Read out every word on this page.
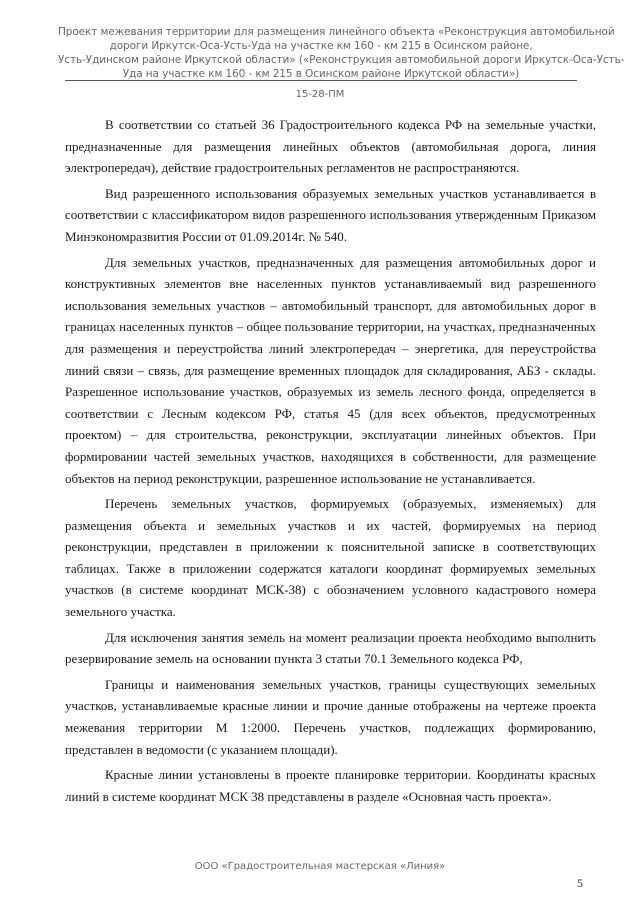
Проект межевания территории для размещения линейного объекта «Реконструкция автомобильной
дороги Иркутск-Оса-Усть-Уда на участке км 160 - км 215 в Осинском районе,
Усть-Удинском районе Иркутской области» («Реконструкция автомобильной дороги Иркутск-Оса-Усть-
Уда на участке км 160 - км 215 в Осинском районе Иркутской области»)
15-28-ПМ

В соответствии со статьей 36 Градостроительного кодекса РФ на земельные участки, предназначенные для размещения линейных объектов (автомобильная дорога, линия электропередач), действие градостроительных регламентов не распространяются.

Вид разрешенного использования образуемых земельных участков устанавливается в соответствии с классификатором видов разрешенного использования утвержденным Приказом Минэкономразвития России от 01.09.2014г. № 540.

Для земельных участков, предназначенных для размещения автомобильных дорог и конструктивных элементов вне населенных пунктов устанавливаемый вид разрешенного использования земельных участков – автомобильный транспорт, для автомобильных дорог в границах населенных пунктов – общее пользование территории, на участках, предназначенных для размещения и переустройства линий электропередач – энергетика, для переустройства линий связи – связь, для размещение временных площадок для складирования, АБЗ - склады. Разрешенное использование участков, образуемых из земель лесного фонда, определяется в соответствии с Лесным кодексом РФ, статья 45 (для всех объектов, предусмотренных проектом) – для строительства, реконструкции, эксплуатации линейных объектов. При формировании частей земельных участков, находящихся в собственности, для размещение объектов на период реконструкции, разрешенное использование не устанавливается.

Перечень земельных участков, формируемых (образуемых, изменяемых) для размещения объекта и земельных участков и их частей, формируемых на период реконструкции, представлен в приложении к пояснительной записке в соответствующих таблицах. Также в приложении содержатся каталоги координат формируемых земельных участков (в системе координат МСК-38) с обозначением условного кадастрового номера земельного участка.

Для исключения занятия земель на момент реализации проекта необходимо выполнить резервирование земель на основании пункта 3 статьи 70.1 Земельного кодекса РФ,

Границы и наименования земельных участков, границы существующих земельных участков, устанавливаемые красные линии и прочие данные отображены на чертеже проекта межевания территории М 1:2000. Перечень участков, подлежащих формированию, представлен в ведомости (с указанием площади).

Красные линии установлены в проекте планировке территории. Координаты красных линий в системе координат МСК 38 представлены в разделе «Основная часть проекта».

ООО «Градостроительная мастерская «Линия»
5
